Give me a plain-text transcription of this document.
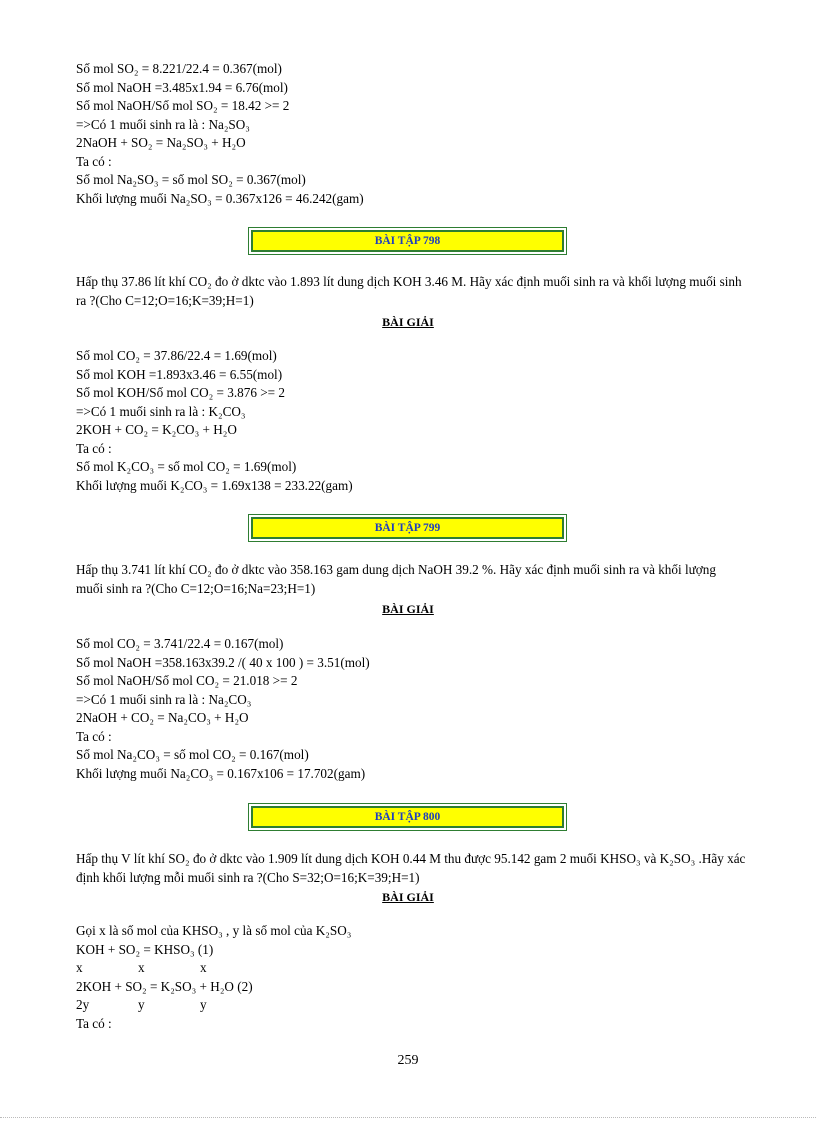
Số mol SO₂ = 8.221/22.4 = 0.367(mol)
Số mol NaOH =3.485x1.94 = 6.76(mol)
Số mol NaOH/Số mol SO₂ = 18.42 >= 2
=>Có 1 muối sinh ra là : Na₂SO₃
2NaOH + SO₂ = Na₂SO₃ + H₂O
Ta có :
Số mol Na₂SO₃ = số mol SO₂ = 0.367(mol)
Khối lượng muối Na₂SO₃ = 0.367x126 = 46.242(gam)
BÀI TẬP 798
Hấp thụ 37.86 lít khí CO₂ đo ở dktc vào 1.893 lít dung dịch KOH 3.46 M. Hãy xác định muối sinh ra và khối lượng muối sinh ra ?(Cho C=12;O=16;K=39;H=1)
BÀI GIẢI
Số mol CO₂ = 37.86/22.4 = 1.69(mol)
Số mol KOH =1.893x3.46 = 6.55(mol)
Số mol KOH/Số mol CO₂ = 3.876 >= 2
=>Có 1 muối sinh ra là : K₂CO₃
2KOH + CO₂ = K₂CO₃ + H₂O
Ta có :
Số mol K₂CO₃ = số mol CO₂ = 1.69(mol)
Khối lượng muối K₂CO₃ = 1.69x138 = 233.22(gam)
BÀI TẬP 799
Hấp thụ 3.741 lít khí CO₂ đo ở dktc vào 358.163 gam dung dịch NaOH 39.2 %. Hãy xác định muối sinh ra và khối lượng muối sinh ra ?(Cho C=12;O=16;Na=23;H=1)
BÀI GIẢI
Số mol CO₂ = 3.741/22.4 = 0.167(mol)
Số mol NaOH =358.163x39.2 /( 40 x 100 ) = 3.51(mol)
Số mol NaOH/Số mol CO₂ = 21.018 >= 2
=>Có 1 muối sinh ra là : Na₂CO₃
2NaOH + CO₂ = Na₂CO₃ + H₂O
Ta có :
Số mol Na₂CO₃ = số mol CO₂ = 0.167(mol)
Khối lượng muối Na₂CO₃ = 0.167x106 = 17.702(gam)
BÀI TẬP 800
Hấp thụ V lít khí SO₂ đo ở dktc vào 1.909 lít dung dịch KOH 0.44 M thu được 95.142 gam 2 muối KHSO₃ và K₂SO₃ .Hãy xác định khối lượng mỗi muối sinh ra ?(Cho S=32;O=16;K=39;H=1)
BÀI GIẢI
Gọi x là số mol của KHSO₃ , y là số mol của K₂SO₃
KOH + SO₂ = KHSO₃ (1)
x	x	x
2KOH + SO₂ = K₂SO₃ + H₂O (2)
2y	y	y
Ta có :
259
